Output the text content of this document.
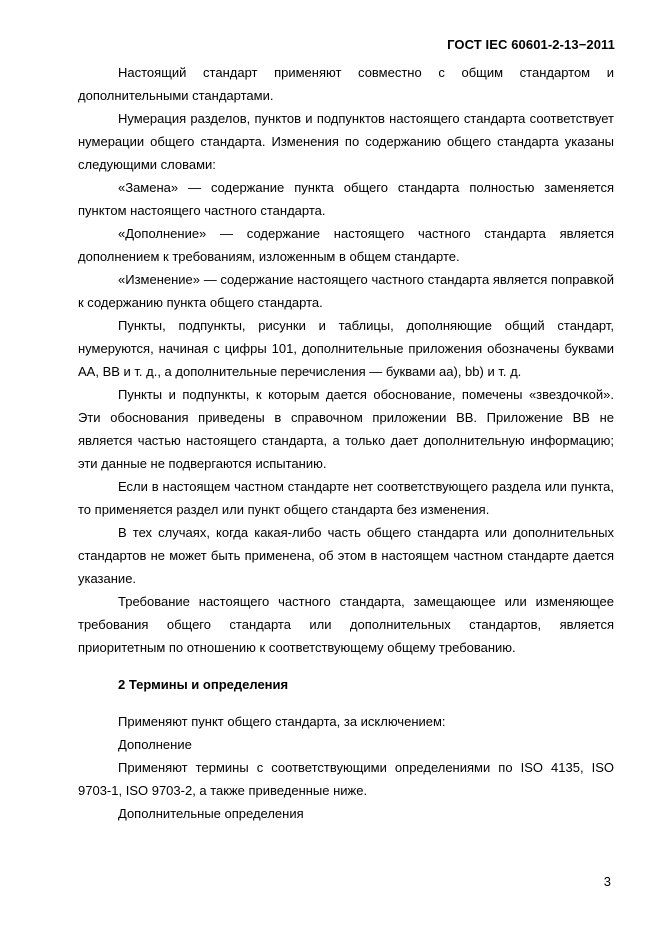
ГОСТ IEC 60601-2-13−2011

Настоящий стандарт применяют совместно с общим стандартом и дополнительными стандартами.

Нумерация разделов, пунктов и подпунктов настоящего стандарта соответствует нумерации общего стандарта. Изменения по содержанию общего стандарта указаны следующими словами:

«Замена» — содержание пункта общего стандарта полностью заменяется пунктом настоящего частного стандарта.

«Дополнение» — содержание настоящего частного стандарта является дополнением к требованиям, изложенным в общем стандарте.

«Изменение» — содержание настоящего частного стандарта является поправкой к содержанию пункта общего стандарта.

Пункты, подпункты, рисунки и таблицы, дополняющие общий стандарт, нумеруются, начиная с цифры 101, дополнительные приложения обозначены буквами АА, ВВ и т. д., а дополнительные перечисления — буквами аа), bb) и т. д.

Пункты и подпункты, к которым дается обоснование, помечены «звездочкой». Эти обоснования приведены в справочном приложении ВВ. Приложение ВВ не является частью настоящего стандарта, а только дает дополнительную информацию; эти данные не подвергаются испытанию.

Если в настоящем частном стандарте нет соответствующего раздела или пункта, то применяется раздел или пункт общего стандарта без изменения.

В тех случаях, когда какая-либо часть общего стандарта или дополнительных стандартов не может быть применена, об этом в настоящем частном стандарте дается указание.

Требование настоящего частного стандарта, замещающее или изменяющее требования общего стандарта или дополнительных стандартов, является приоритетным по отношению к соответствующему общему требованию.

2 Термины и определения

Применяют пункт общего стандарта, за исключением:

Дополнение

Применяют термины с соответствующими определениями по ISO 4135, ISO 9703-1, ISO 9703-2, а также приведенные ниже.

Дополнительные определения

3
